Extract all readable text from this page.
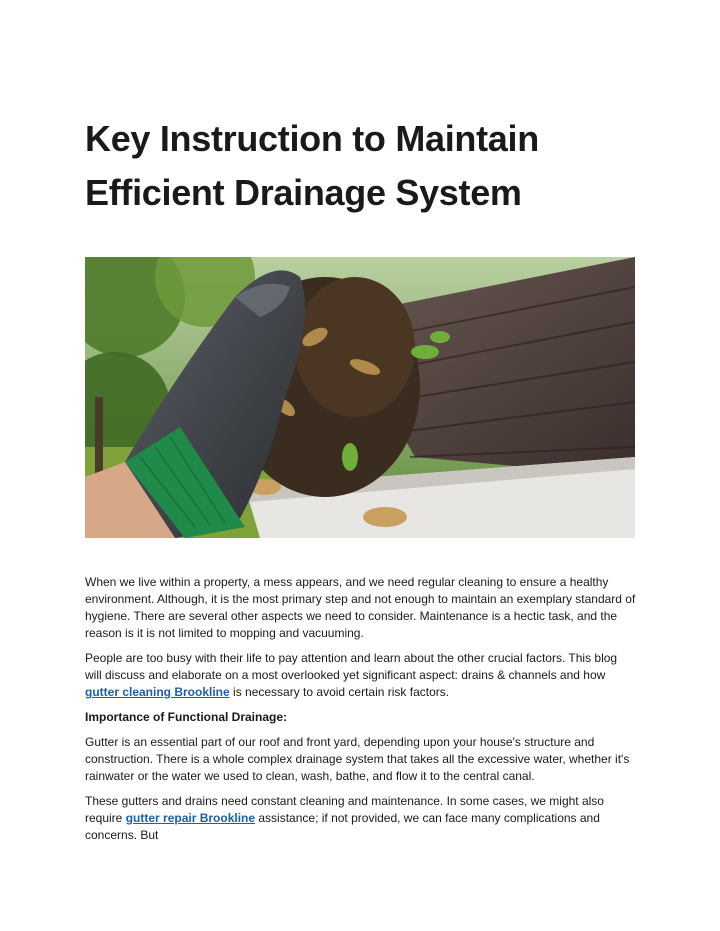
Key Instruction to Maintain
Efficient Drainage System

When we live within a property, a mess appears, and we need regular cleaning to ensure a healthy environment. Although, it is the most primary step and not enough to maintain an exemplary standard of hygiene. There are several other aspects we need to consider. Maintenance is a hectic task, and the reason is it is not limited to mopping and vacuuming.

People are too busy with their life to pay attention and learn about the other crucial factors. This blog will discuss and elaborate on a most overlooked yet significant aspect: drains & channels and how gutter cleaning Brookline is necessary to avoid certain risk factors.

Importance of Functional Drainage:

Gutter is an essential part of our roof and front yard, depending upon your house's structure and construction. There is a whole complex drainage system that takes all the excessive water, whether it's rainwater or the water we used to clean, wash, bathe, and flow it to the central canal.

These gutters and drains need constant cleaning and maintenance. In some cases, we might also require gutter repair Brookline assistance; if not provided, we can face many complications and concerns. But
